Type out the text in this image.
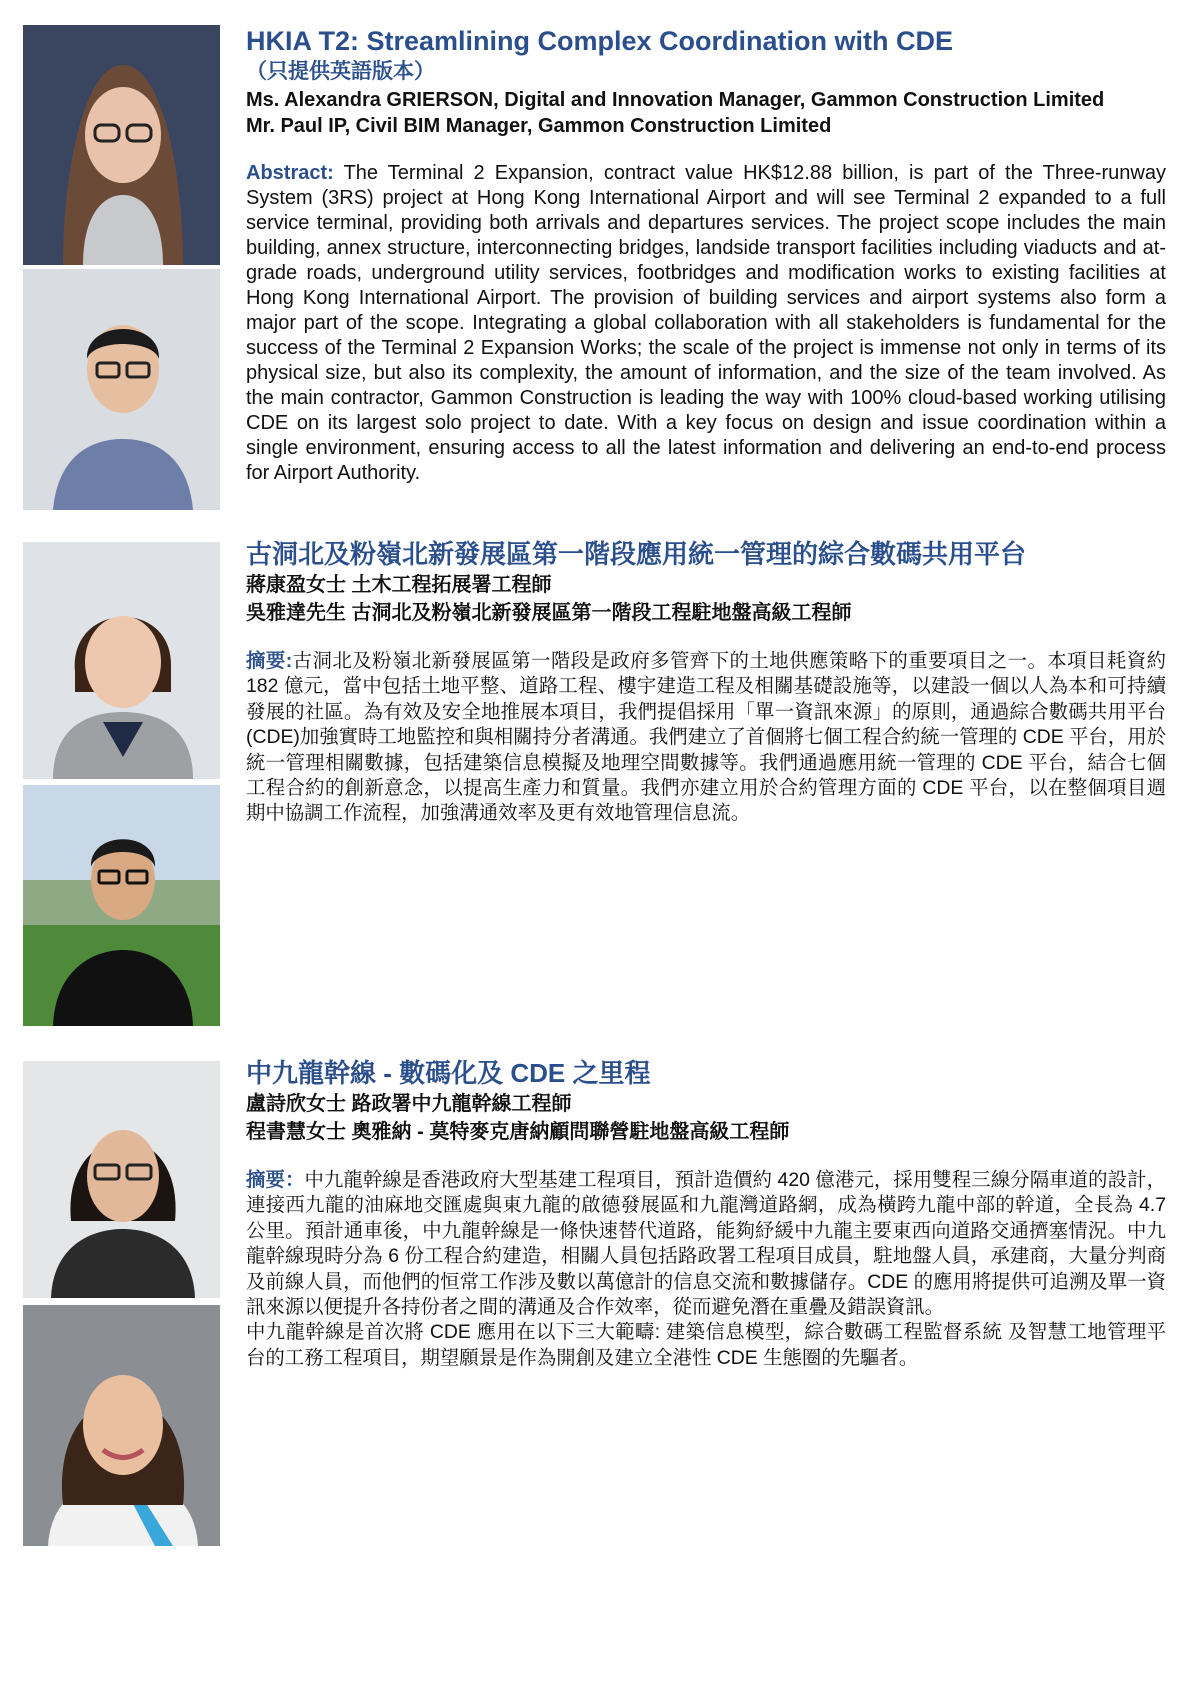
HKIA T2: Streamlining Complex Coordination with CDE

（只提供英語版本）

Ms. Alexandra GRIERSON, Digital and Innovation Manager, Gammon Construction Limited

Mr. Paul IP, Civil BIM Manager, Gammon Construction Limited

Abstract: The Terminal 2 Expansion, contract value HK$12.88 billion, is part of the Three-runway System (3RS) project at Hong Kong International Airport and will see Terminal 2 expanded to a full service terminal, providing both arrivals and departures services. The project scope includes the main building, annex structure, interconnecting bridges, landside transport facilities including viaducts and at-grade roads, underground utility services, footbridges and modification works to existing facilities at Hong Kong International Airport. The provision of building services and airport systems also form a major part of the scope. Integrating a global collaboration with all stakeholders is fundamental for the success of the Terminal 2 Expansion Works; the scale of the project is immense not only in terms of its physical size, but also its complexity, the amount of information, and the size of the team involved. As the main contractor, Gammon Construction is leading the way with 100% cloud-based working utilising CDE on its largest solo project to date. With a key focus on design and issue coordination within a single environment, ensuring access to all the latest information and delivering an end-to-end process for Airport Authority.

古洞北及粉嶺北新發展區第一階段應用統一管理的綜合數碼共用平台

蔣康盈女士 土木工程拓展署工程師

吳雅達先生 古洞北及粉嶺北新發展區第一階段工程駐地盤高級工程師

摘要:古洞北及粉嶺北新發展區第一階段是政府多管齊下的土地供應策略下的重要項目之一。本項目耗資約 182 億元，當中包括土地平整、道路工程、樓宇建造工程及相關基礎設施等，以建設一個以人為本和可持續發展的社區。為有效及安全地推展本項目，我們提倡採用「單一資訊來源」的原則，通過綜合數碼共用平台(CDE)加強實時工地監控和與相關持分者溝通。我們建立了首個將七個工程合約統一管理的 CDE 平台，用於統一管理相關數據，包括建築信息模擬及地理空間數據等。我們通過應用統一管理的 CDE 平台，結合七個工程合約的創新意念，以提高生產力和質量。我們亦建立用於合約管理方面的 CDE 平台，以在整個項目週期中協調工作流程，加強溝通效率及更有效地管理信息流。

中九龍幹線 - 數碼化及 CDE 之里程

盧詩欣女士 路政署中九龍幹線工程師

程書慧女士 奧雅納 - 莫特麥克唐納顧問聯營駐地盤高級工程師

摘要：中九龍幹線是香港政府大型基建工程項目，預計造價約 420 億港元，採用雙程三線分隔車道的設計，連接西九龍的油麻地交匯處與東九龍的啟德發展區和九龍灣道路網，成為橫跨九龍中部的幹道，全長為 4.7 公里。預計通車後，中九龍幹線是一條快速替代道路，能夠紓緩中九龍主要東西向道路交通擠塞情況。中九龍幹線現時分為 6 份工程合約建造，相關人員包括路政署工程項目成員，駐地盤人員，承建商，大量分判商及前線人員，而他們的恒常工作涉及數以萬億計的信息交流和數據儲存。CDE 的應用將提供可追溯及單一資訊來源以便提升各持份者之間的溝通及合作效率，從而避免潛在重疊及錯誤資訊。

中九龍幹線是首次將 CDE 應用在以下三大範疇: 建築信息模型，綜合數碼工程監督系統 及智慧工地管理平台的工務工程項目，期望願景是作為開創及建立全港性 CDE 生態圈的先驅者。
